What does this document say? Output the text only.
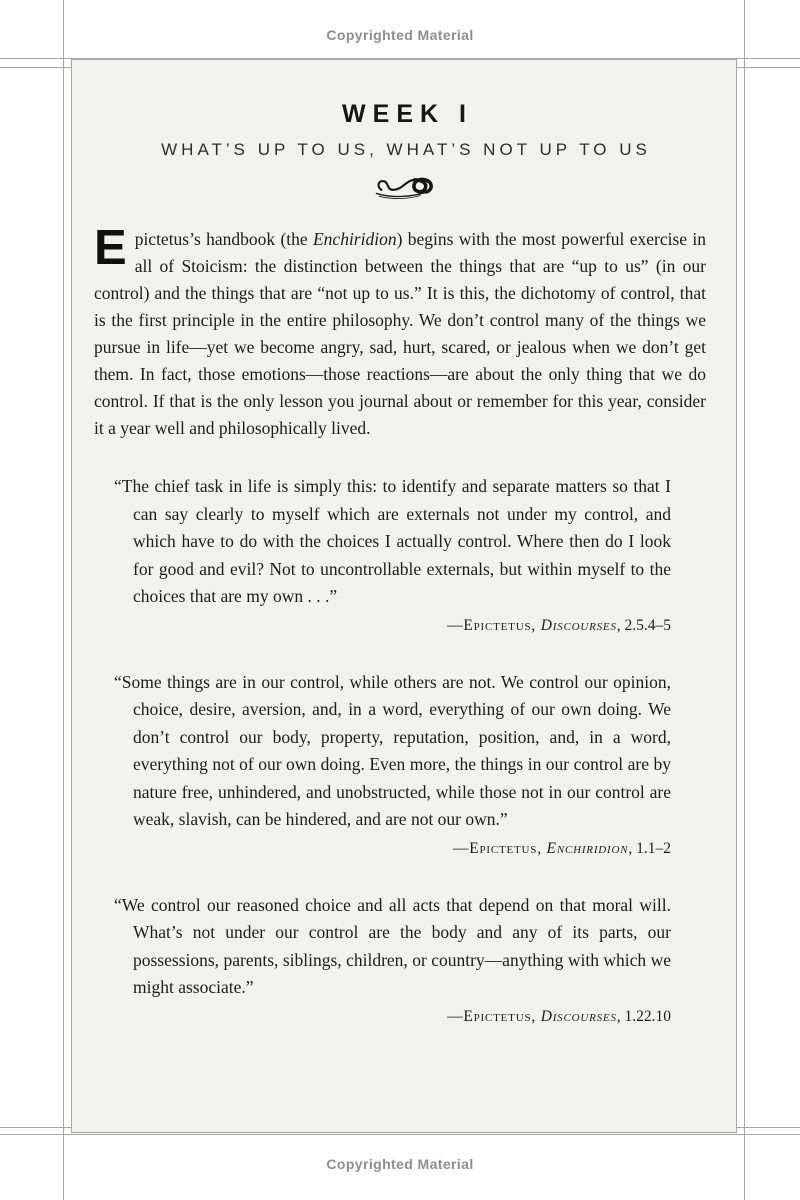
Copyrighted Material
WEEK I
WHAT’S UP TO US, WHAT’S NOT UP TO US

Epictetus’s handbook (the Enchiridion) begins with the most powerful exercise in all of Stoicism: the distinction between the things that are “up to us” (in our control) and the things that are “not up to us.” It is this, the dichotomy of control, that is the first principle in the entire philosophy. We don’t control many of the things we pursue in life—yet we become angry, sad, hurt, scared, or jealous when we don’t get them. In fact, those emotions—those reactions—are about the only thing that we do control. If that is the only lesson you journal about or remember for this year, consider it a year well and philosophically lived.

“The chief task in life is simply this: to identify and separate matters so that I can say clearly to myself which are externals not under my control, and which have to do with the choices I actually control. Where then do I look for good and evil? Not to uncontrollable externals, but within myself to the choices that are my own . . .”

—Epictetus, Discourses, 2.5.4–5

“Some things are in our control, while others are not. We control our opinion, choice, desire, aversion, and, in a word, everything of our own doing. We don’t control our body, property, reputation, position, and, in a word, everything not of our own doing. Even more, the things in our control are by nature free, unhindered, and unobstructed, while those not in our control are weak, slavish, can be hindered, and are not our own.”

—Epictetus, Enchiridion, 1.1–2

“We control our reasoned choice and all acts that depend on that moral will. What’s not under our control are the body and any of its parts, our possessions, parents, siblings, children, or country—anything with which we might associate.”

—Epictetus, Discourses, 1.22.10

Copyrighted Material
